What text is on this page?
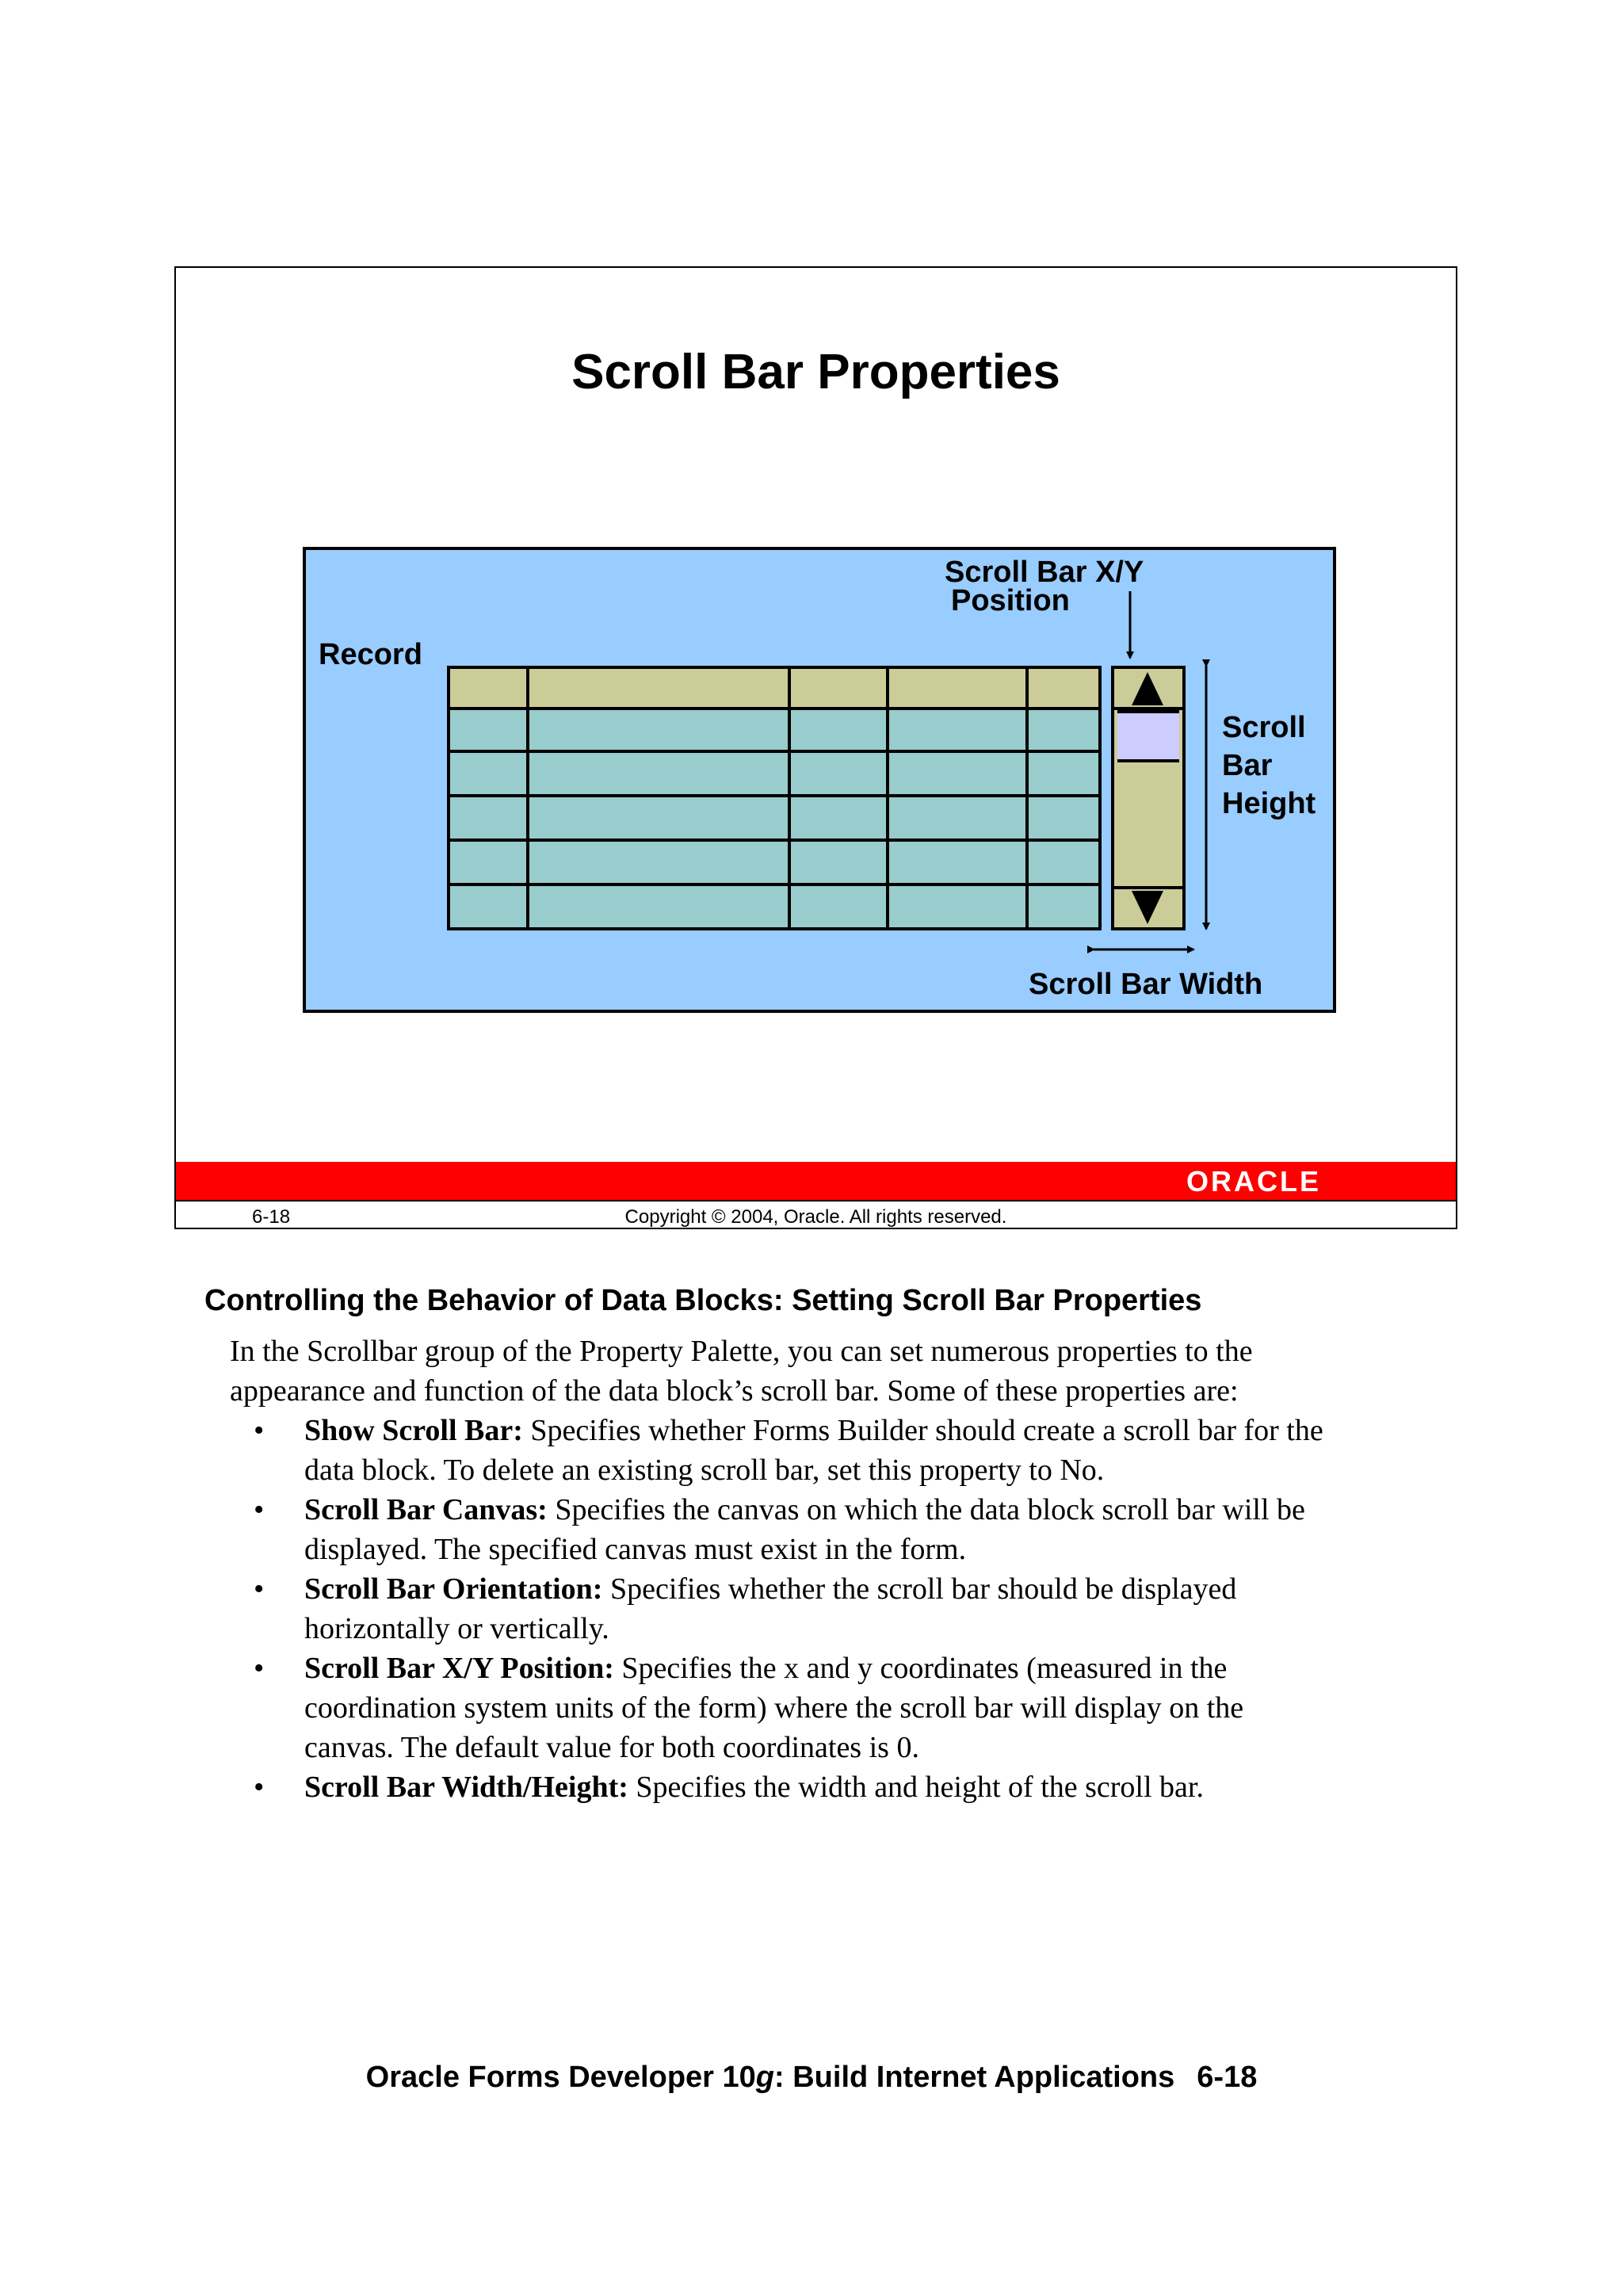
Scroll Bar Properties
Record
Scroll Bar X/Y
Position
Scroll
Bar
Height
Scroll Bar Width
ORACLE
6-18	Copyright © 2004, Oracle. All rights reserved.
Controlling the Behavior of Data Blocks: Setting Scroll Bar Properties

In the Scrollbar group of the Property Palette, you can set numerous properties to the

appearance and function of the data block’s scroll bar. Some of these properties are:

• Show Scroll Bar: Specifies whether Forms Builder should create a scroll bar for the
data block. To delete an existing scroll bar, set this property to No.
• Scroll Bar Canvas: Specifies the canvas on which the data block scroll bar will be
displayed. The specified canvas must exist in the form.
• Scroll Bar Orientation: Specifies whether the scroll bar should be displayed
horizontally or vertically.
• Scroll Bar X/Y Position: Specifies the x and y coordinates (measured in the
coordination system units of the form) where the scroll bar will display on the
canvas. The default value for both coordinates is 0.
• Scroll Bar Width/Height: Specifies the width and height of the scroll bar.
Oracle Forms Developer 10g: Build Internet Applications 6-18
